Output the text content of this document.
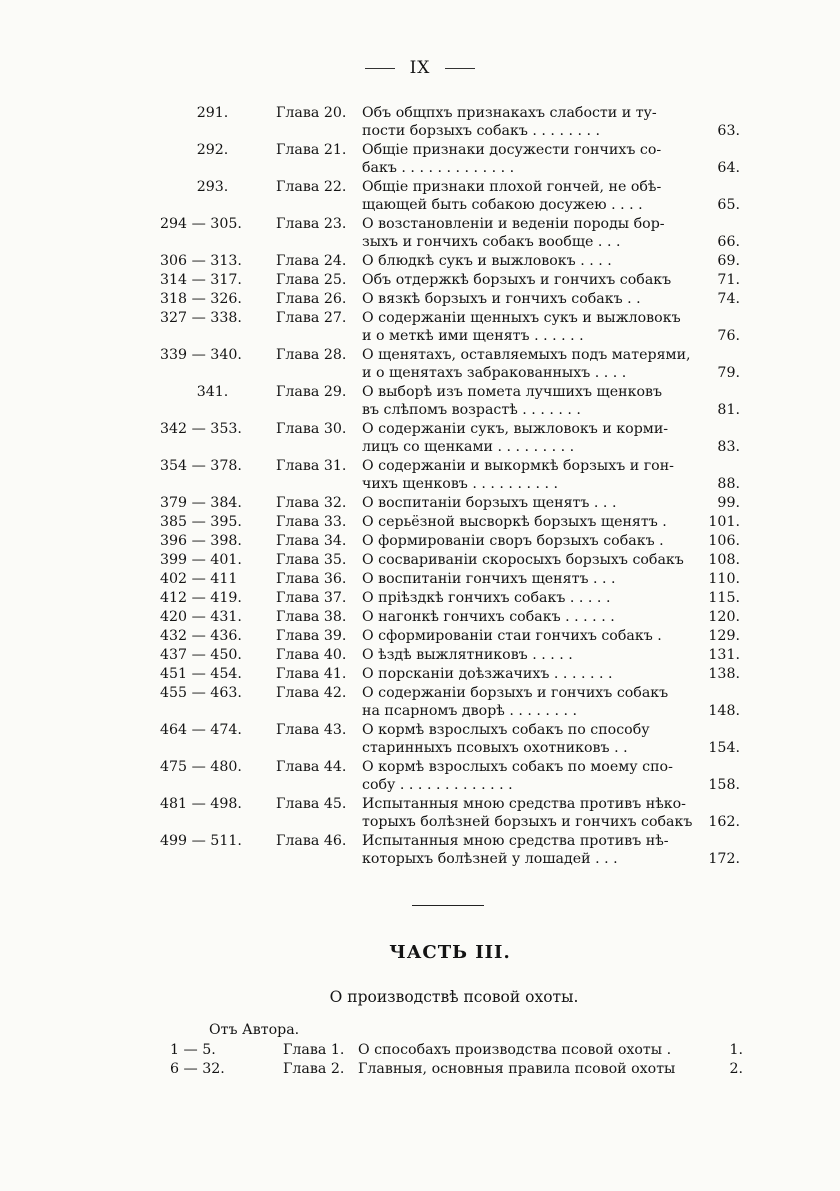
IX
291.	Глава 20.	Объ общпхъ признакахъ слабости и ту-
пости борзыхъ собакъ . . . . . . . .	63.
292.	Глава 21.	Общіе признаки досужести гончихъ со-
бакъ . . . . . . . . . . . . .	64.
293.	Глава 22.	Общіе признаки плохой гончей, не обѣ-
щающей быть собакою досужею . . . .	65.
294 — 305.	Глава 23.	О возстановленіи и веденіи породы бор-
зыхъ и гончихъ собакъ вообще . . .	66.
306 — 313.	Глава 24.	О блюдкѣ сукъ и выжловокъ . . . .	69.
314 — 317.	Глава 25.	Объ отдержкѣ борзыхъ и гончихъ собакъ	71.
318 — 326.	Глава 26.	О вязкѣ борзыхъ и гончихъ собакъ . .	74.
327 — 338.	Глава 27.	О содержаніи щенныхъ сукъ и выжловокъ
и о меткѣ ими щенятъ . . . . . .	76.
339 — 340.	Глава 28.	О щенятахъ, оставляемыхъ подъ матерями,
и о щенятахъ забракованныхъ . . . .	79.
341.	Глава 29.	О выборѣ изъ помета лучшихъ щенковъ
въ слѣпомъ возрастѣ . . . . . . .	81.
342 — 353.	Глава 30.	О содержаніи сукъ, выжловокъ и корми-
лицъ со щенками . . . . . . . . .	83.
354 — 378.	Глава 31.	О содержаніи и выкормкѣ борзыхъ и гон-
чихъ щенковъ . . . . . . . . . .	88.
379 — 384.	Глава 32.	О воспитаніи борзыхъ щенятъ . . .	99.
385 — 395.	Глава 33.	О серьёзной высворкѣ борзыхъ щенятъ .	101.
396 — 398.	Глава 34.	О формированіи своръ борзыхъ собакъ .	106.
399 — 401.	Глава 35.	О сосвариваніи скоросыхъ борзыхъ собакъ	108.
402 — 411	Глава 36.	О воспитаніи гончихъ щенятъ . . .	110.
412 — 419.	Глава 37.	О пріѣздкѣ гончихъ собакъ . . . . .	115.
420 — 431.	Глава 38.	О нагонкѣ гончихъ собакъ . . . . . .	120.
432 — 436.	Глава 39.	О сформированіи стаи гончихъ собакъ .	129.
437 — 450.	Глава 40.	О ѣздѣ выжлятниковъ . . . . .	131.
451 — 454.	Глава 41.	О порсканіи доѣзжачихъ . . . . . . .	138.
455 — 463.	Глава 42.	О содержаніи борзыхъ и гончихъ собакъ
на псарномъ дворѣ . . . . . . . .	148.
464 — 474.	Глава 43.	О кормѣ взрослыхъ собакъ по способу
старинныхъ псовыхъ охотниковъ . .	154.
475 — 480.	Глава 44.	О кормѣ взрослыхъ собакъ по моему спо-
собу . . . . . . . . . . . . .	158.
481 — 498.	Глава 45.	Испытанныя мною средства противъ нѣко-
торыхъ болѣзней борзыхъ и гончихъ собакъ	162.
499 — 511.	Глава 46.	Испытанныя мною средства противъ нѣ-
которыхъ болѣзней у лошадей . . .	172.
ЧАСТЬ III.
О производствѣ псовой охоты.
Отъ Автора.
1 — 5.	Глава 1. О способахъ производства псовой охоты .	1.
6 — 32.	Глава 2. Главныя, основныя правила псовой охоты	2.
